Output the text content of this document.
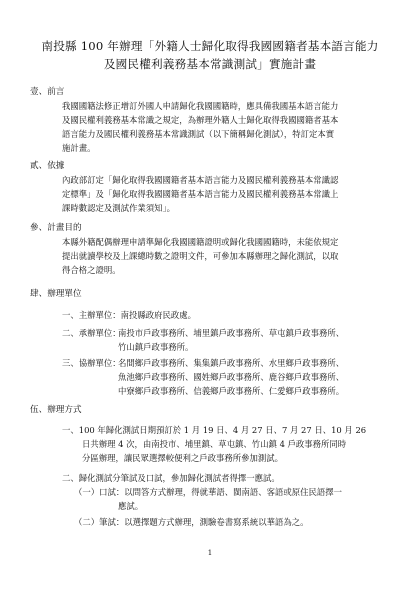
南投縣 100 年辦理「外籍人士歸化取得我國國籍者基本語言能力
及國民權利義務基本常識測試」實施計畫
壹、前言
我國國籍法修正增訂外國人申請歸化我國國籍時，應具備我國基本語言能力
及國民權利義務基本常識之規定，為辦理外籍人士歸化取得我國國籍者基本
語言能力及國民權利義務基本常識測試（以下簡稱歸化測試），特訂定本實
施計畫。
貳、依據
內政部訂定「歸化取得我國國籍者基本語言能力及國民權利義務基本常識認
定標準」及「歸化取得我國國籍者基本語言能力及國民權利義務基本常識上
課時數認定及測試作業須知」。
參、計畫目的
本縣外籍配偶辦理申請準歸化我國國籍證明或歸化我國國籍時，未能依規定
提出就讀學校及上課總時數之證明文件，可參加本縣辦理之歸化測試，以取
得合格之證明。
肆、辦理單位
一、主辦單位：南投縣政府民政處。
二、承辦單位：
南投市戶政事務所、埔里鎮戶政事務所、草屯鎮戶政事務所、
竹山鎮戶政事務所。
三、協辦單位：
名間鄉戶政事務所、集集鎮戶政事務所、水里鄉戶政事務所、
魚池鄉戶政事務所、國姓鄉戶政事務所、鹿谷鄉戶政事務所、
中寮鄉戶政事務所、信義鄉戶政事務所、仁愛鄉戶政事務所。
伍、辦理方式
一、100 年歸化測試日期預訂於 1 月 19 日、4 月 27 日、7 月 27 日、10 月 26
日共辦理 4 次，由南投市、埔里鎮、草屯鎮、竹山鎮 4 戶政事務所同時
分區辦理，讓民眾選擇較便利之戶政事務所參加測試。
二、歸化測試分筆試及口試，參加歸化測試者得擇一應試。
（一）口試：以問答方式辦理，得就華語、閩南語、客語或原住民語擇一
應試。
（二）筆試：以選擇題方式辦理，測驗卷書寫系統以華語為之。
1
